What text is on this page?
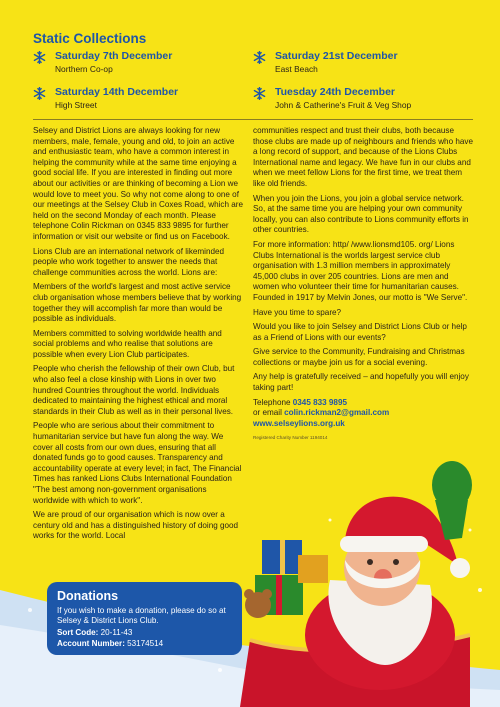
Static Collections
Saturday 7th December
Northern Co-op
Saturday 14th December
High Street
Saturday 21st December
East Beach
Tuesday 24th December
John & Catherine's Fruit & Veg Shop

Selsey and District Lions are always looking for new members, male, female, young and old, to join an active and enthusiastic team, who have a common interest in helping the community while at the same time enjoying a good social life. If you are interested in finding out more about our activities or are thinking of becoming a Lion we would love to meet you. So why not come along to one of our meetings at the Selsey Club in Coxes Road, which are held on the second Monday of each month. Please telephone Colin Rickman on 0345 833 9895 for further information or visit our website or find us on Facebook.

Lions Club are an international network of likeminded people who work together to answer the needs that challenge communities across the world. Lions are:

Members of the world's largest and most active service club organisation whose members believe that by working together they will accomplish far more than would be possible as individuals.

Members committed to solving worldwide health and social problems and who realise that solutions are possible when every Lion Club participates.

People who cherish the fellowship of their own Club, but who also feel a close kinship with Lions in over two hundred Countries throughout the world. Individuals dedicated to maintaining the highest ethical and moral standards in their Club as well as in their personal lives.

People who are serious about their commitment to humanitarian service but have fun along the way. We cover all costs from our own dues, ensuring that all donated funds go to good causes. Transparency and accountability operate at every level; in fact, The Financial Times has ranked Lions Clubs International Foundation "The best among non-government organisations worldwide with which to work".

We are proud of our organisation which is now over a century old and has a distinguished history of doing good works for the world. Local

communities respect and trust their clubs, both because those clubs are made up of neighbours and friends who have a long record of support, and because of the Lions Clubs International name and legacy. We have fun in our clubs and when we meet fellow Lions for the first time, we treat them like old friends.

When you join the Lions, you join a global service network. So, at the same time you are helping your own community locally, you can also contribute to Lions community efforts in other countries.

For more information: http/ /www.lionsmd105. org/ Lions Clubs International is the worlds largest service club organisation with 1.3 million members in approximately 45,000 clubs in over 205 countries. Lions are men and women who volunteer their time for humanitarian causes. Founded in 1917 by Melvin Jones, our motto is "We Serve".

Have you time to spare?

Would you like to join Selsey and District Lions Club or help as a Friend of Lions with our events?

Give service to the Community, Fundraising and Christmas collections or maybe join us for a social evening.

Any help is gratefully received – and hopefully you will enjoy taking part!

Telephone 0345 833 9895

or email colin.rickman2@gmail.com

www.selseylions.org.uk

Registered Charity Number 1194014

Donations
If you wish to make a donation, please do so at Selsey & District Lions Club.
Sort Code: 20-11-43
Account Number: 53174514
